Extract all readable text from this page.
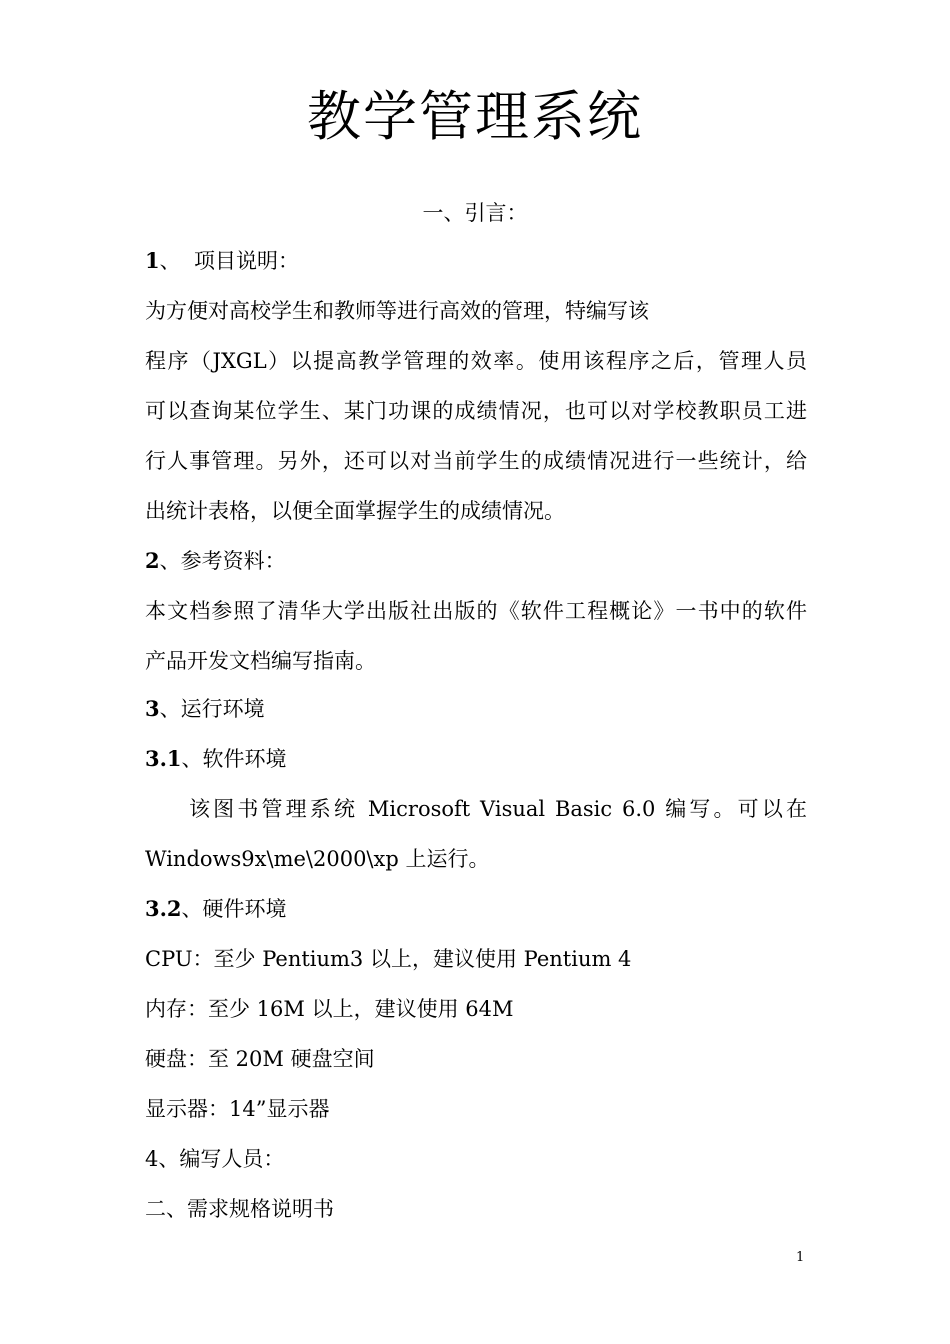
教学管理系统
一、引言：
1、  项目说明：
为方便对高校学生和教师等进行高效的管理，特编写该
程序（JXGL）以提高教学管理的效率。使用该程序之后，管理人员
可以查询某位学生、某门功课的成绩情况，也可以对学校教职员工进
行人事管理。另外，还可以对当前学生的成绩情况进行一些统计，给
出统计表格，以便全面掌握学生的成绩情况。
2、参考资料：
本文档参照了清华大学出版社出版的《软件工程概论》一书中的软件
产品开发文档编写指南。
3、运行环境
3.1、软件环境
该图书管理系统 Microsoft Visual Basic 6.0 编写。可以在
Windows9x\me\2000\xp 上运行。
3.2、硬件环境
CPU：至少 Pentium3 以上，建议使用 Pentium 4
内存：至少 16M 以上，建议使用 64M
硬盘：至 20M 硬盘空间
显示器：14”显示器
4、编写人员：
二、需求规格说明书
1
